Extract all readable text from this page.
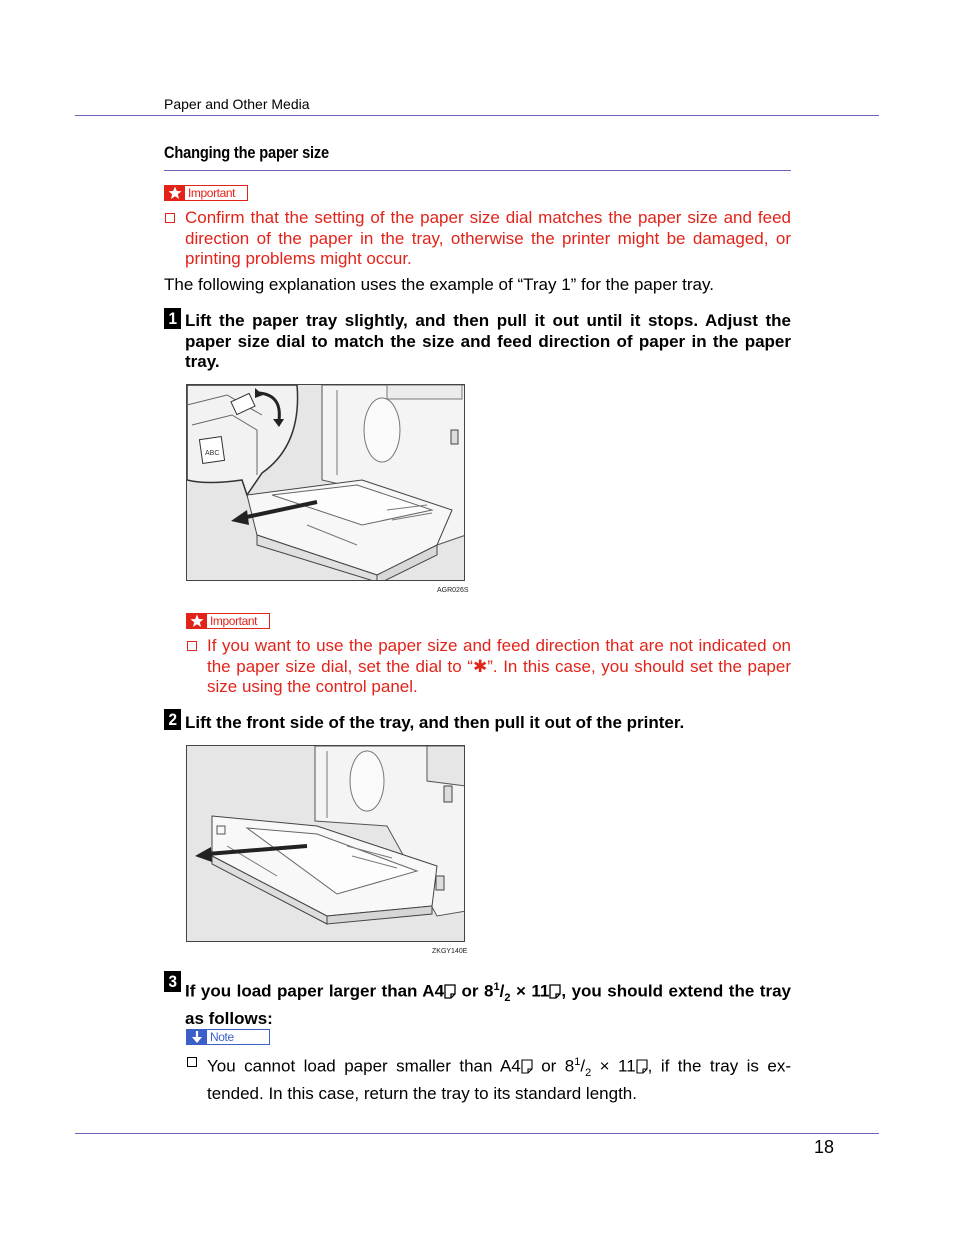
Paper and Other Media
Changing the paper size
Important
Confirm that the setting of the paper size dial matches the paper size and feed direction of the paper in the tray, otherwise the printer might be damaged, or printing problems might occur.
The following explanation uses the example of “Tray 1” for the paper tray.
1 Lift the paper tray slightly, and then pull it out until it stops. Adjust the paper size dial to match the size and feed direction of paper in the paper tray.
ABC
AGR026S
Important
If you want to use the paper size and feed direction that are not indicated on the paper size dial, set the dial to “✱”. In this case, you should set the paper size using the control panel.
2 Lift the front side of the tray, and then pull it out of the printer.
ZKGY140E
3
If you load paper larger than A4 or $8^1/_2 \times 11$ , you should extend the tray as follows:
Note
You cannot load paper smaller than A4 or $8^1/_2 \times 11$ , if the tray is ex-tended. In this case, return the tray to its standard length.
18
